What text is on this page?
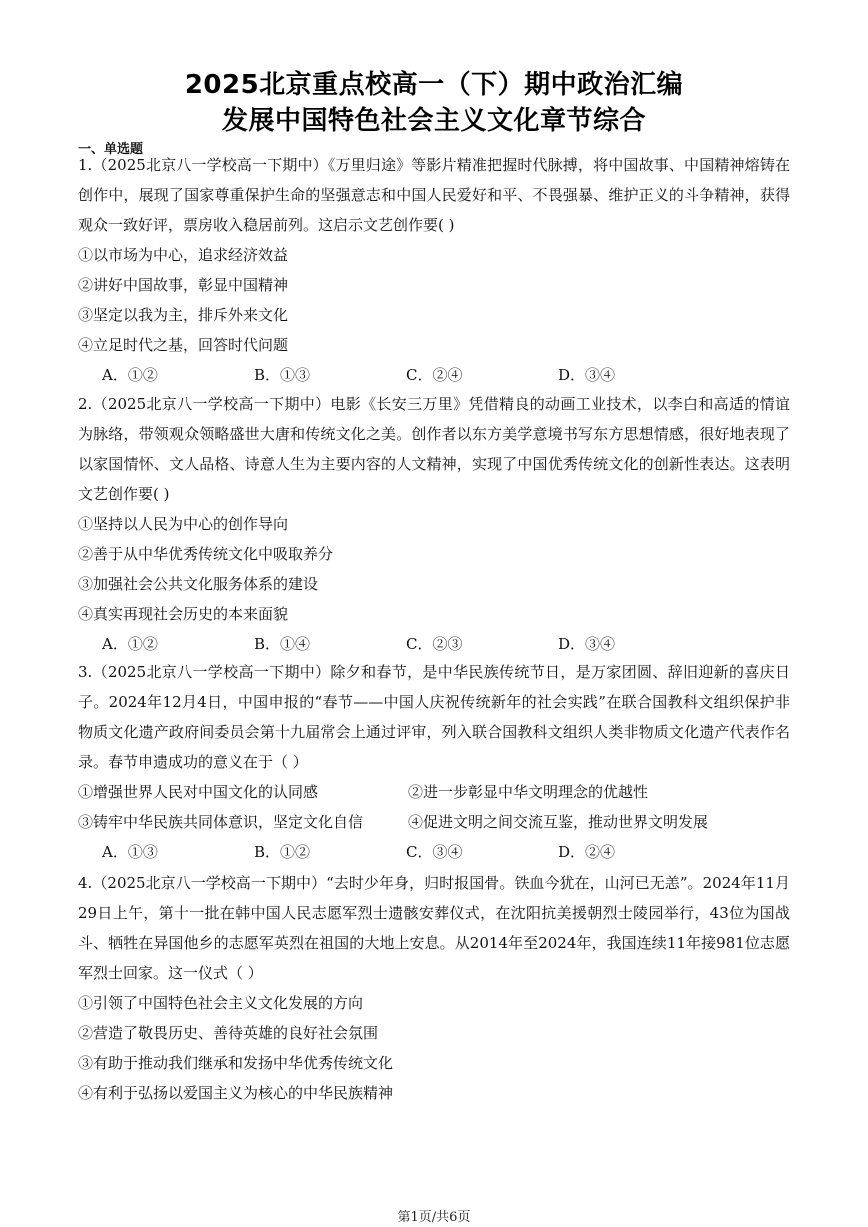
2025北京重点校高一（下）期中政治汇编
发展中国特色社会主义文化章节综合
一、单选题

1.（2025北京八一学校高一下期中）《万里归途》等影片精准把握时代脉搏，将中国故事、中国精神熔铸在创作中，展现了国家尊重保护生命的坚强意志和中国人民爱好和平、不畏强暴、维护正义的斗争精神，获得观众一致好评，票房收入稳居前列。这启示文艺创作要( )

①以市场为中心，追求经济效益
②讲好中国故事，彰显中国精神
③坚定以我为主，排斥外来文化
④立足时代之基，回答时代问题
A．①②	B．①③	C．②④	D．③④

2.（2025北京八一学校高一下期中）电影《长安三万里》凭借精良的动画工业技术，以李白和高适的情谊为脉络，带领观众领略盛世大唐和传统文化之美。创作者以东方美学意境书写东方思想情感，很好地表现了以家国情怀、文人品格、诗意人生为主要内容的人文精神，实现了中国优秀传统文化的创新性表达。这表明文艺创作要( )

①坚持以人民为中心的创作导向
②善于从中华优秀传统文化中吸取养分
③加强社会公共文化服务体系的建设
④真实再现社会历史的本来面貌
A．①②	B．①④	C．②③	D．③④

3.（2025北京八一学校高一下期中）除夕和春节，是中华民族传统节日，是万家团圆、辞旧迎新的喜庆日子。2024年12月4日，中国申报的“春节——中国人庆祝传统新年的社会实践”在联合国教科文组织保护非物质文化遗产政府间委员会第十九届常会上通过评审，列入联合国教科文组织人类非物质文化遗产代表作名录。春节申遗成功的意义在于（ ）

①增强世界人民对中国文化的认同感	②进一步彰显中华文明理念的优越性
③铸牢中华民族共同体意识，坚定文化自信	④促进文明之间交流互鉴，推动世界文明发展
A．①③	B．①②	C．③④	D．②④

4.（2025北京八一学校高一下期中）“去时少年身，归时报国骨。铁血今犹在，山河已无恙”。2024年11月29日上午，第十一批在韩中国人民志愿军烈士遗骸安葬仪式，在沈阳抗美援朝烈士陵园举行，43位为国战斗、牺牲在异国他乡的志愿军英烈在祖国的大地上安息。从2014年至2024年，我国连续11年接981位志愿军烈士回家。这一仪式（ ）

①引领了中国特色社会主义文化发展的方向
②营造了敬畏历史、善待英雄的良好社会氛围
③有助于推动我们继承和发扬中华优秀传统文化
④有利于弘扬以爱国主义为核心的中华民族精神
第1页/共6页
